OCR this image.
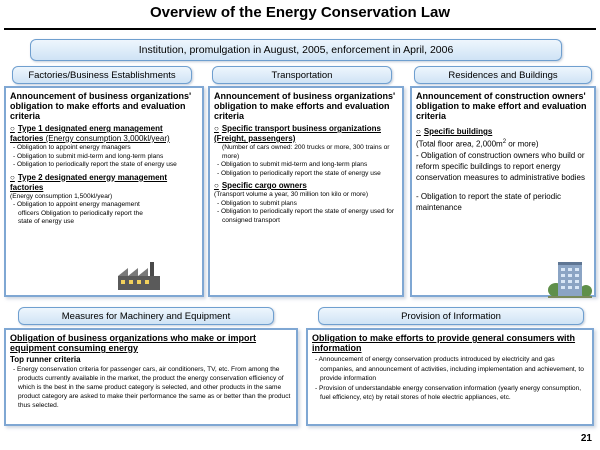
Overview of the Energy Conservation Law
Institution, promulgation in August, 2005, enforcement in April, 2006
Factories/Business Establishments	Transportation	Residences and Buildings
Announcement of business organizations' obligation to make efforts and evaluation criteria
○ Type 1 designated energ management factories (Energy consumption 3,000kl/year)
- Obligation to appoint energy managers
- Obligation to submit mid-term and long-term plans
- Obligation to periodically report the state of energy use
○ Type 2 designated energy management factories
(Energy consumption 1,500kl/year)
- Obligation to appoint energy management officers Obligation to periodically report the state of energy use
Announcement of business organizations' obligation to make efforts and evaluation criteria
○ Specific transport business organizations (Freight, passengers)
(Number of cars owned: 200 trucks or more, 300 trains or more)
- Obligation to submit mid-term and long-term plans
- Obligation to periodically report the state of energy use
○ Specific cargo owners
(Transport volume a year, 30 million ton kilo or more)
- Obligation to submit plans
- Obligation to periodically report the state of energy used for consigned transport
Announcement of construction owners' obligation to make effort and evaluation criteria
○ Specific buildings
(Total floor area, $2,000m^2$ or more)
- Obligation of construction owners who build or reform specific buildings to report energy conservation measures to administrative bodies
- Obligation to report the state of periodic maintenance
Measures for Machinery and Equipment	Provision of Information
Obligation of business organizations who make or import equipment consuming energy
Top runner criteria
- Energy conservation criteria for passenger cars, air conditioners, TV, etc. From among the products currently available in the market, the product the energy conservation efficiency of which is the best in the same product category is selected, and other products in the same product category are asked to make their performance the same as or better than the product thus selected.
Obligation to make efforts to provide general consumers with information
- Announcement of energy conservation products introduced by electricity and gas companies, and announcement of activities, including implementation and achievement, to provide information
- Provision of understandable energy conservation information (yearly energy consumption, fuel efficiency, etc) by retail stores of hole electric appliances, etc.
21
